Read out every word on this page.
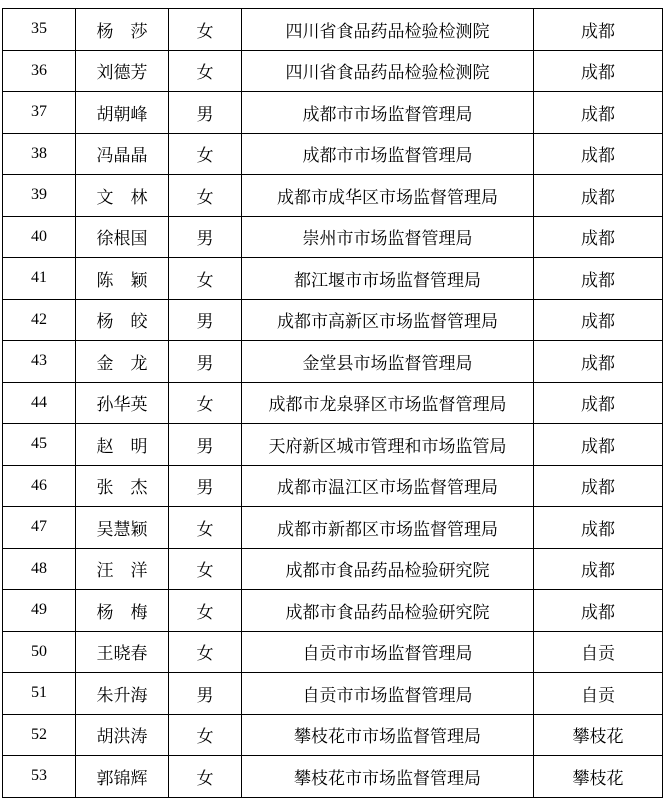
35	杨　莎	女	四川省食品药品检验检测院	成都
36	刘德芳	女	四川省食品药品检验检测院	成都
37	胡朝峰	男	成都市市场监督管理局	成都
38	冯晶晶	女	成都市市场监督管理局	成都
39	文　林	女	成都市成华区市场监督管理局	成都
40	徐根国	男	崇州市市场监督管理局	成都
41	陈　颖	女	都江堰市市场监督管理局	成都
42	杨　皎	男	成都市高新区市场监督管理局	成都
43	金　龙	男	金堂县市场监督管理局	成都
44	孙华英	女	成都市龙泉驿区市场监督管理局	成都
45	赵　明	男	天府新区城市管理和市场监管局	成都
46	张　杰	男	成都市温江区市场监督管理局	成都
47	吴慧颖	女	成都市新都区市场监督管理局	成都
48	汪　洋	女	成都市食品药品检验研究院	成都
49	杨　梅	女	成都市食品药品检验研究院	成都
50	王晓春	女	自贡市市场监督管理局	自贡
51	朱升海	男	自贡市市场监督管理局	自贡
52	胡洪涛	女	攀枝花市市场监督管理局	攀枝花
53	郭锦辉	女	攀枝花市市场监督管理局	攀枝花
